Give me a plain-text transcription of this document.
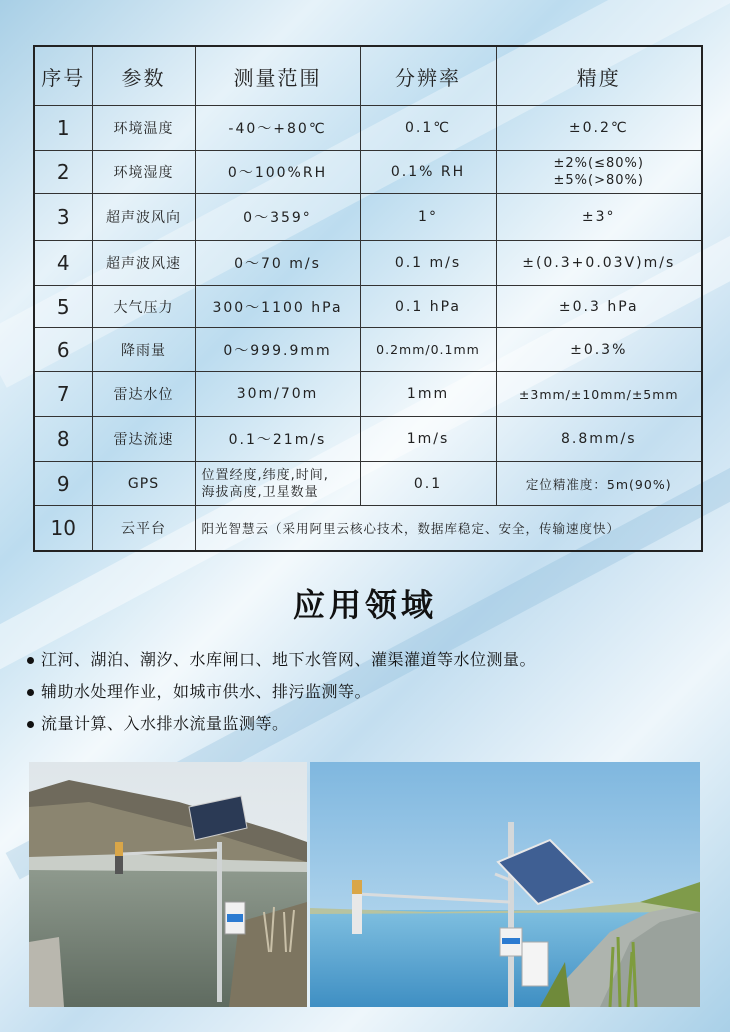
序号	参数	测量范围	分辨率	精度
1	环境温度	-40～+80℃	0.1℃	±0.2℃
2	环境湿度	0～100%RH	0.1% RH	±2%(≤80%)
±5%(>80%)

3	超声波风向	0～359°	1°	±3°
4	超声波风速	0～70 m/s	0.1 m/s	±(0.3+0.03V)m/s
5	大气压力	300～1100 hPa	0.1 hPa	±0.3 hPa
6	降雨量	0～999.9mm	0.2mm/0.1mm	±0.3%
7	雷达水位	30m/70m	1mm	±3mm/±10mm/±5mm
8	雷达流速	0.1～21m/s	1m/s	8.8mm/s
9	GPS	位置经度,纬度,时间,
海拔高度,卫星数量	0.1	定位精准度：5m(90%)
10	云平台	阳光智慧云（采用阿里云核心技术，数据库稳定、安全，传输速度快）		
应用领域
江河、湖泊、潮汐、水库闸口、地下水管网、灌渠灌道等水位测量。
辅助水处理作业，如城市供水、排污监测等。
流量计算、入水排水流量监测等。
